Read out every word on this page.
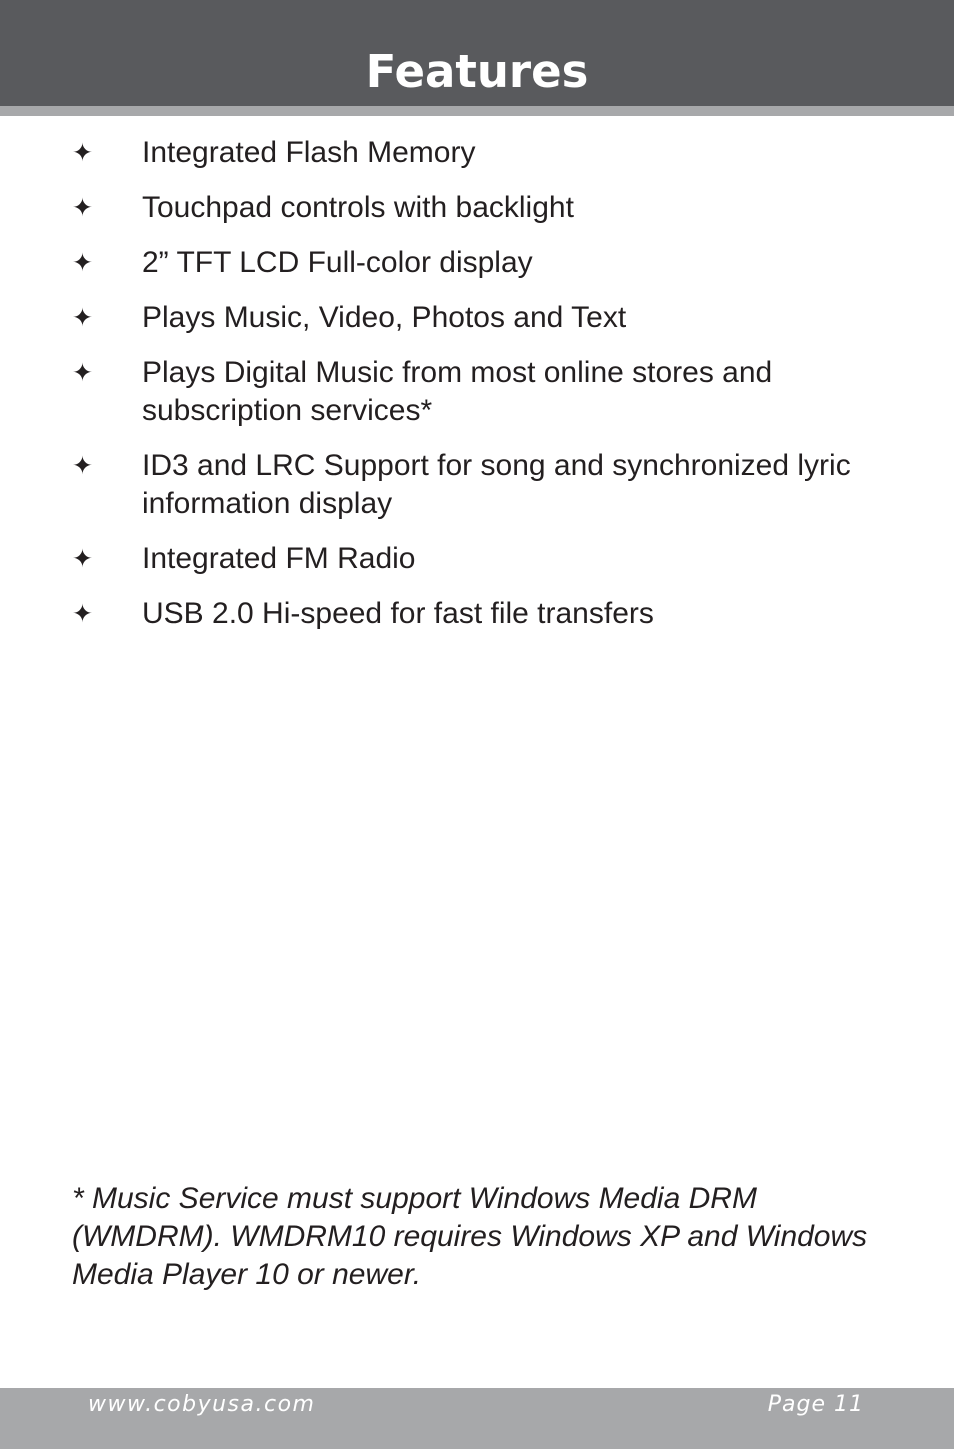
Features
✦ Integrated Flash Memory
✦ Touchpad controls with backlight
✦ 2” TFT LCD Full-color display
✦ Plays Music, Video, Photos and Text
✦ Plays Digital Music from most online stores and subscription services*
✦ ID3 and LRC Support for song and synchronized lyric information display
✦ Integrated FM Radio
✦ USB 2.0 Hi-speed for fast file transfers

* Music Service must support Windows Media DRM (WMDRM). WMDRM10 requires Windows XP and Windows Media Player 10 or newer.

www.cobyusa.com	Page 11
